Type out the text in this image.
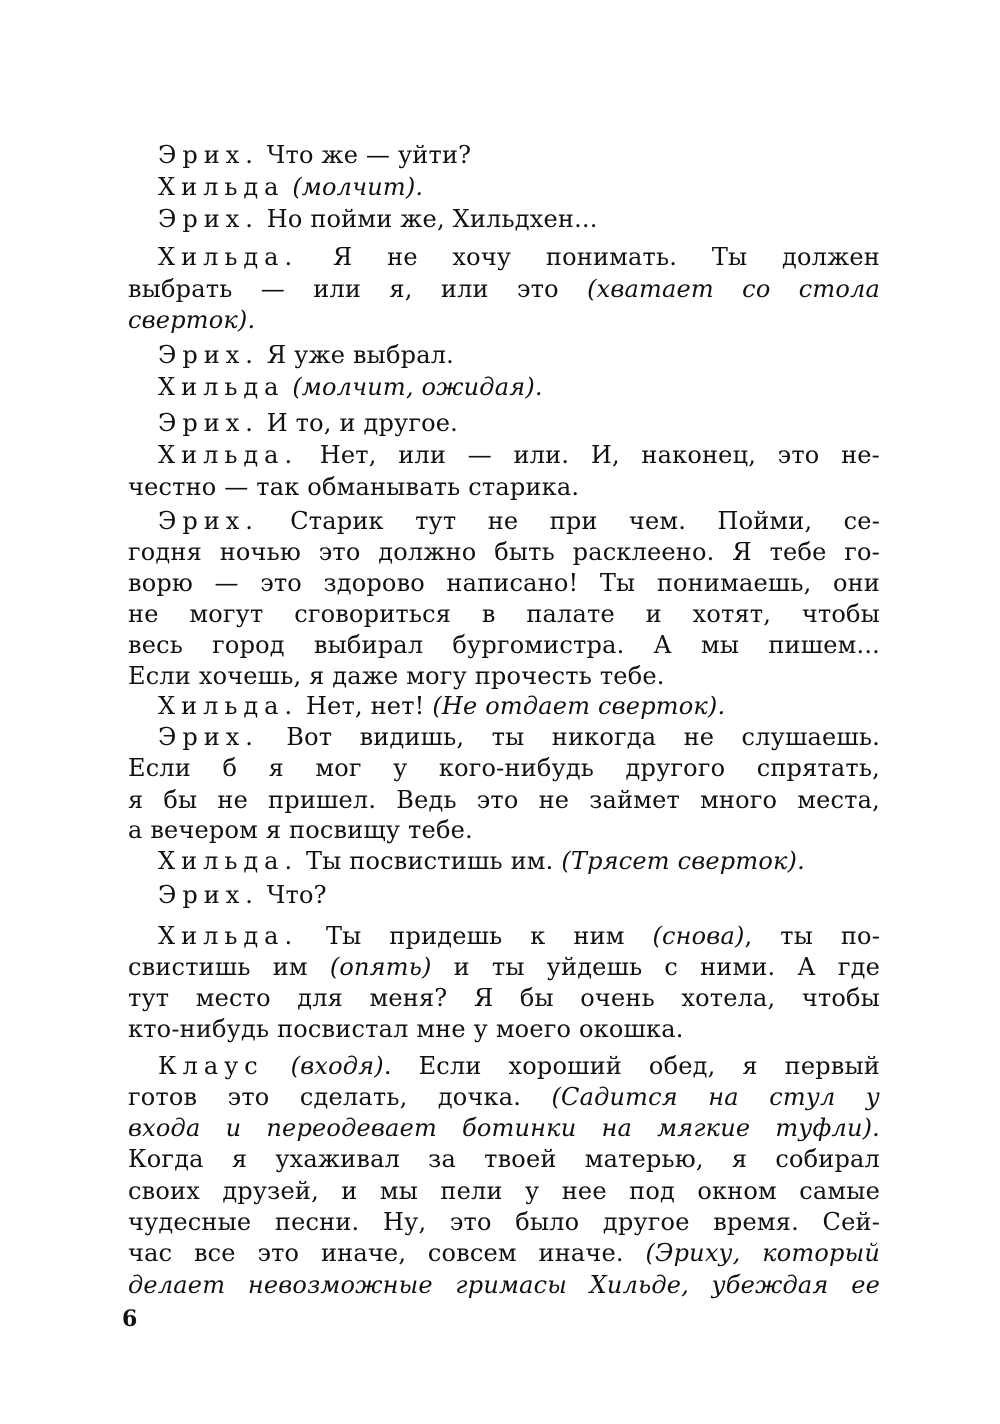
Эрих. Что же — уйти?
Хильда (молчит).
Эрих. Но пойми же, Хильдхен...
Хильда. Я не хочу понимать. Ты должен
выбрать — или я, или это (хватает со стола
сверток).
Эрих. Я уже выбрал.
Хильда (молчит, ожидая).
Эрих. И то, и другое.
Хильда. Нет, или — или. И, наконец, это не-
честно — так обманывать старика.
Эрих. Старик тут не при чем. Пойми, се-
годня ночью это должно быть расклеено. Я тебе го-
ворю — это здорово написано! Ты понимаешь, они
не могут сговориться в палате и хотят, чтобы
весь город выбирал бургомистра. А мы пишем...
Если хочешь, я даже могу прочесть тебе.
Хильда. Нет, нет! (Не отдает сверток).
Эрих. Вот видишь, ты никогда не слушаешь.
Если б я мог у кого-нибудь другого спрятать,
я бы не пришел. Ведь это не займет много места,
а вечером я посвищу тебе.
Хильда. Ты посвистишь им. (Трясет сверток).
Эрих. Что?
Хильда. Ты придешь к ним (снова), ты по-
свистишь им (опять) и ты уйдешь с ними. А где
тут место для меня? Я бы очень хотела, чтобы
кто-нибудь посвистал мне у моего окошка.
Клаус (входя). Если хороший обед, я первый
готов это сделать, дочка. (Садится на стул у
входа и переодевает ботинки на мягкие туфли).
Когда я ухаживал за твоей матерью, я собирал
своих друзей, и мы пели у нее под окном самые
чудесные песни. Ну, это было другое время. Сей-
час все это иначе, совсем иначе. (Эриху, который
делает невозможные гримасы Хильде, убеждая ее
6
